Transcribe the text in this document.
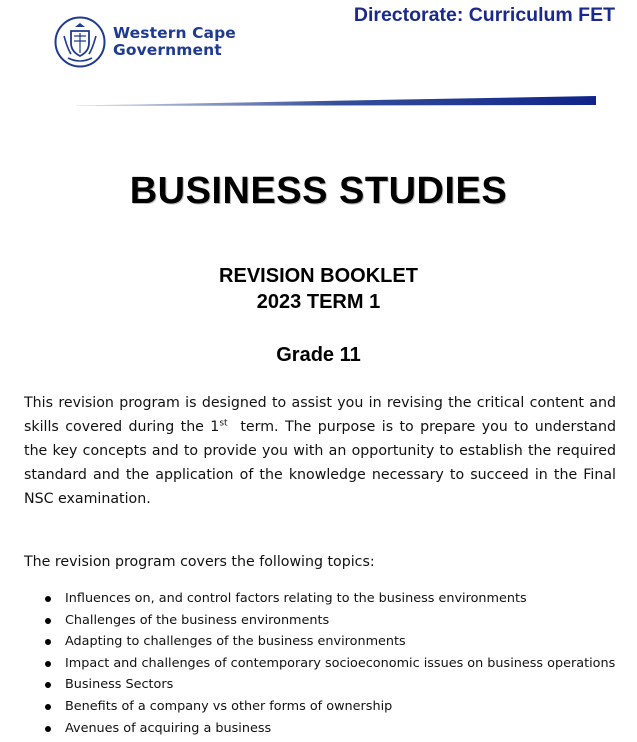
Western Cape
Government
Directorate: Curriculum FET
BUSINESS STUDIES
REVISION BOOKLET
2023 TERM 1
Grade 11
This revision program is designed to assist you in revising the critical content and skills covered during the 1st  term. The purpose is to prepare you to understand the key concepts and to provide you with an opportunity to establish the required standard and the application of the knowledge necessary to succeed in the Final NSC examination.
The revision program covers the following topics:
Influences on, and control factors relating to the business environments
Challenges of the business environments
Adapting to challenges of the business environments
Impact and challenges of contemporary socioeconomic issues on business operations
Business Sectors
Benefits of a company vs other forms of ownership
Avenues of acquiring a business
